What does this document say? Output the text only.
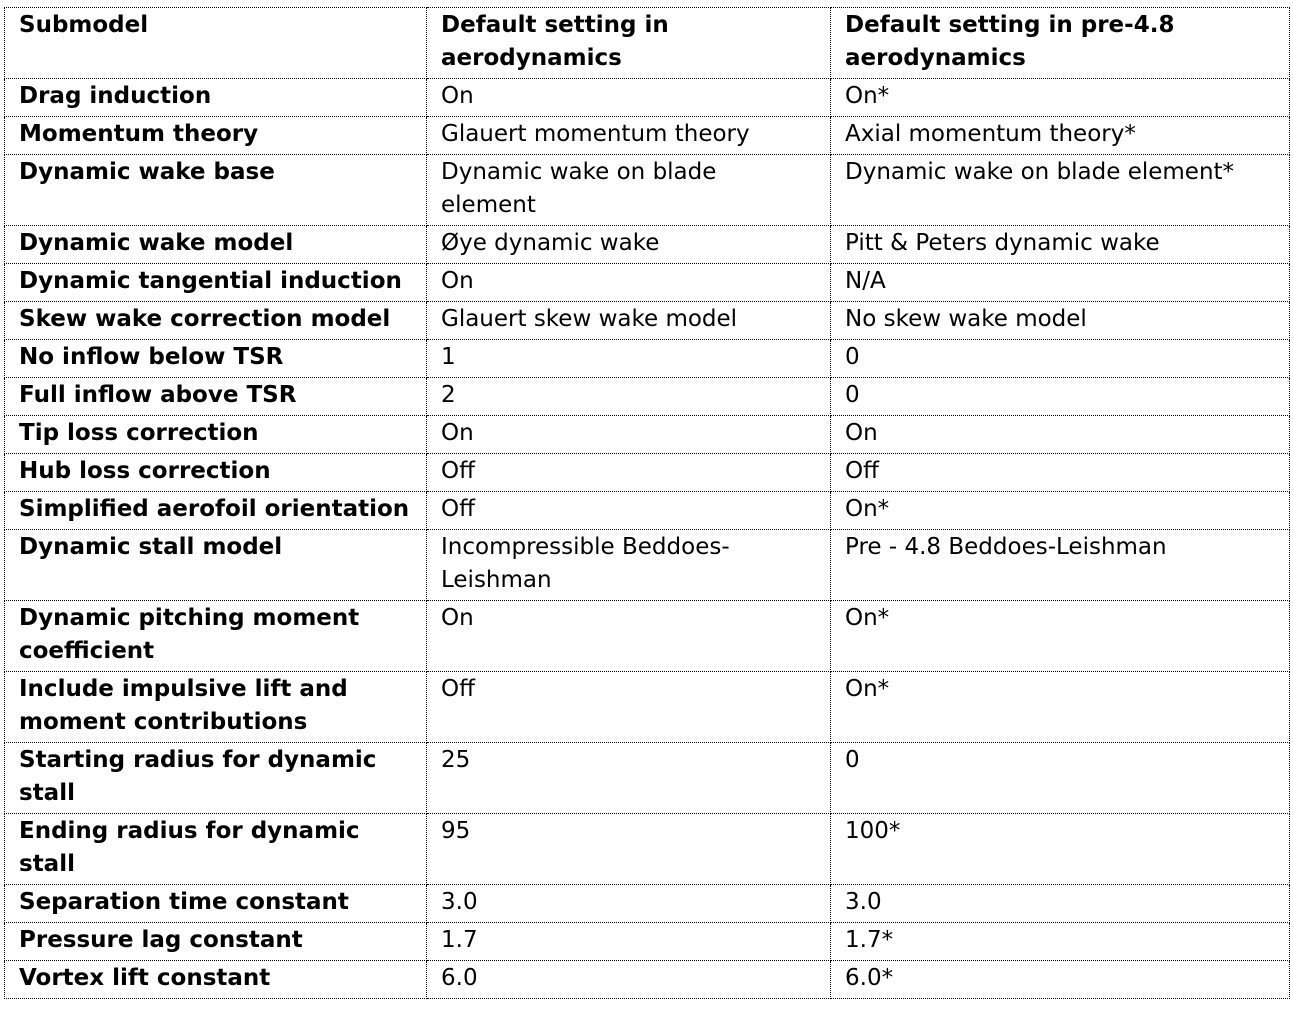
Submodel	Default setting in aerodynamics	Default setting in pre-4.8 aerodynamics
Drag induction	On	On*
Momentum theory	Glauert momentum theory	Axial momentum theory*
Dynamic wake base	Dynamic wake on blade element	Dynamic wake on blade element*
Dynamic wake model	Øye dynamic wake	Pitt & Peters dynamic wake
Dynamic tangential induction	On	N/A
Skew wake correction model	Glauert skew wake model	No skew wake model
No inflow below TSR	1	0
Full inflow above TSR	2	0
Tip loss correction	On	On
Hub loss correction	Off	Off
Simplified aerofoil orientation	Off	On*
Dynamic stall model	Incompressible Beddoes-Leishman	Pre - 4.8 Beddoes-Leishman
Dynamic pitching moment coefficient	On	On*
Include impulsive lift and moment contributions	Off	On*
Starting radius for dynamic stall	25	0
Ending radius for dynamic stall	95	100*
Separation time constant	3.0	3.0
Pressure lag constant	1.7	1.7*
Vortex lift constant	6.0	6.0*
